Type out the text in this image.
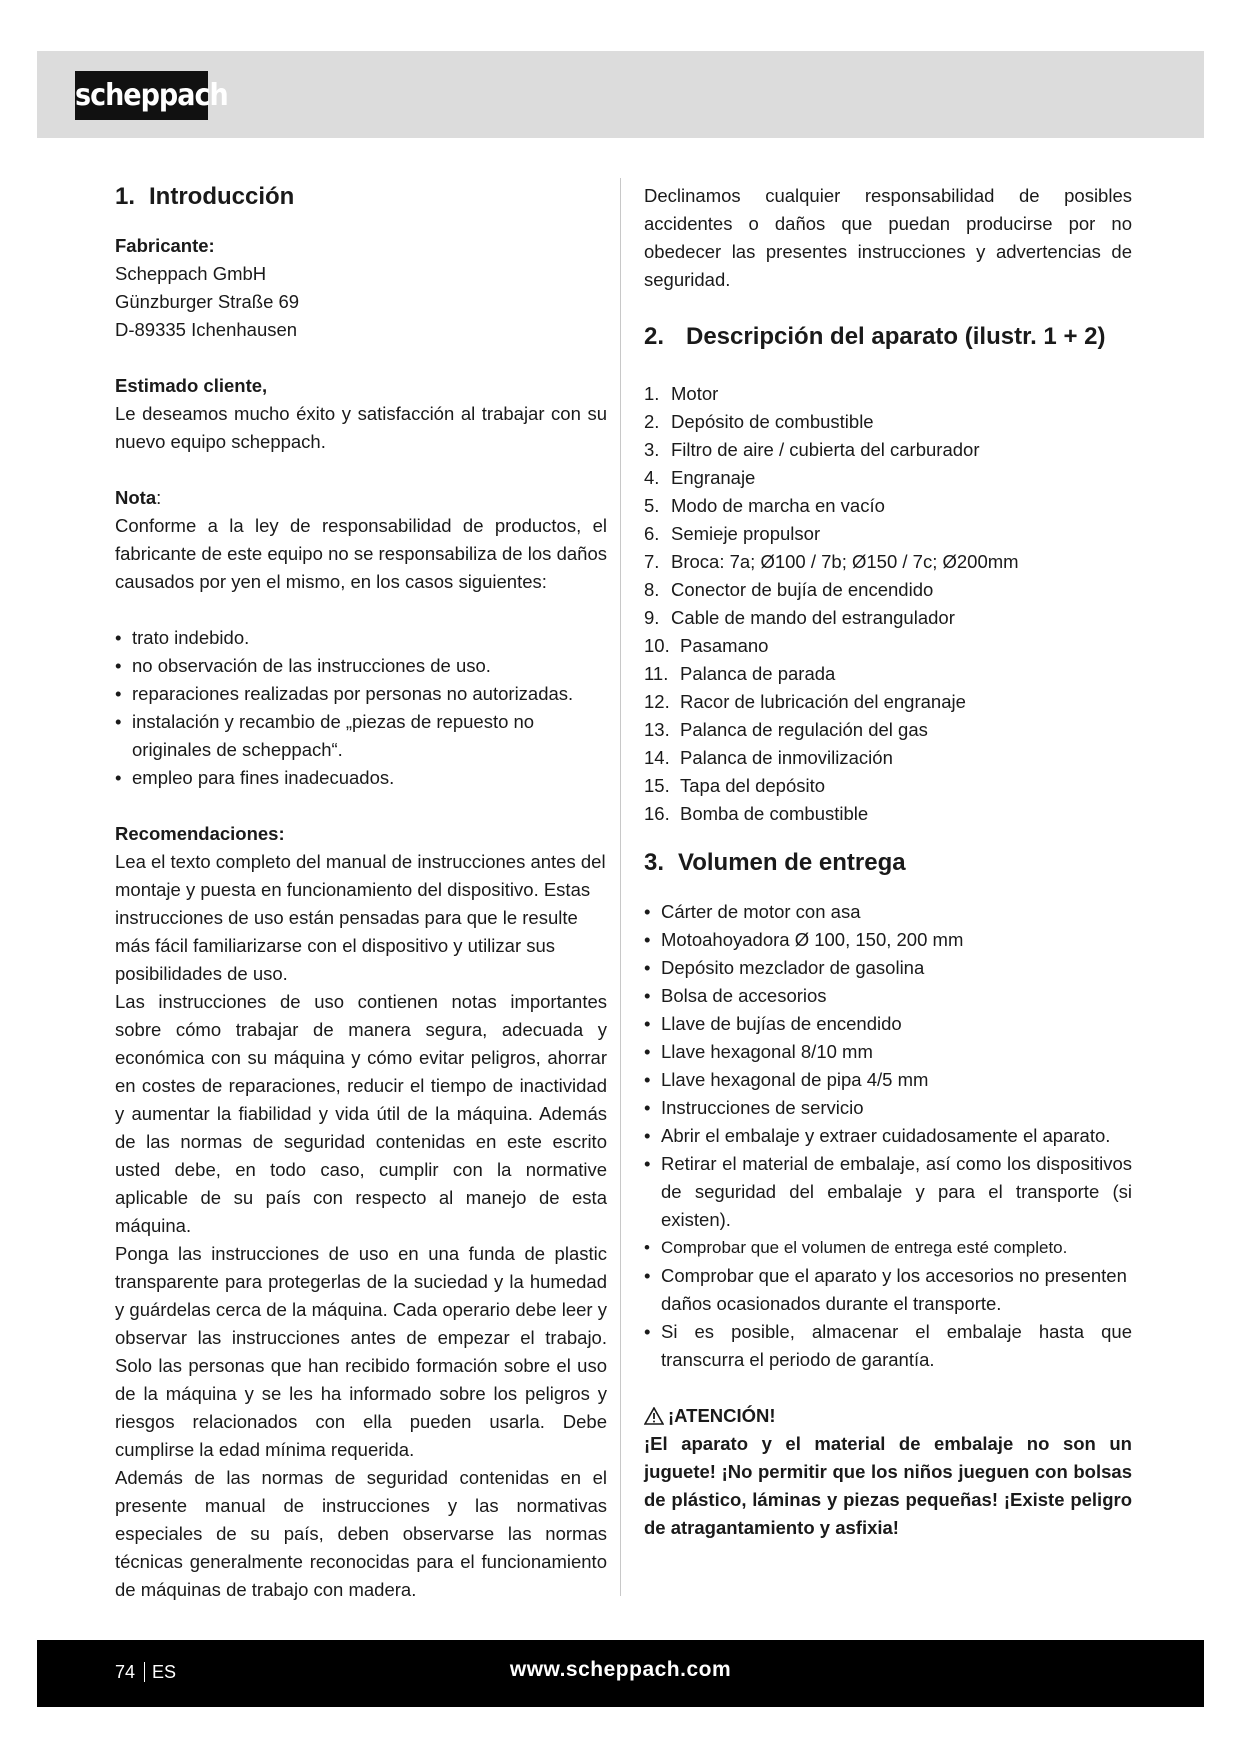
scheppach
1. Introducción

Fabricante:

Scheppach GmbH

Günzburger Straße 69

D-89335 Ichenhausen

Estimado cliente,

Le deseamos mucho éxito y satisfacción al trabajar con su nuevo equipo scheppach.

Nota:

Conforme a la ley de responsabilidad de productos, el fabricante de este equipo no se responsabiliza de los daños causados por yen el mismo, en los casos siguientes:

• trato indebido.
• no observación de las instrucciones de uso.
• reparaciones realizadas por personas no autorizadas.
• instalación y recambio de „piezas de repuesto no originales de scheppach“.
• empleo para fines inadecuados.

Recomendaciones:

Lea el texto completo del manual de instrucciones antes del montaje y puesta en funcionamiento del dispositivo. Estas instrucciones de uso están pensadas para que le resulte más fácil familiarizarse con el dispositivo y utilizar sus posibilidades de uso.

Las instrucciones de uso contienen notas importantes sobre cómo trabajar de manera segura, adecuada y económica con su máquina y cómo evitar peligros, ahorrar en costes de reparaciones, reducir el tiempo de inactividad y aumentar la fiabilidad y vida útil de la máquina. Además de las normas de seguridad contenidas en este escrito usted debe, en todo caso, cumplir con la normative aplicable de su país con respecto al manejo de esta máquina.

Ponga las instrucciones de uso en una funda de plastic transparente para protegerlas de la suciedad y la humedad y guárdelas cerca de la máquina. Cada operario debe leer y observar las instrucciones antes de empezar el trabajo. Solo las personas que han recibido formación sobre el uso de la máquina y se les ha informado sobre los peligros y riesgos relacionados con ella pueden usarla. Debe cumplirse la edad mínima requerida.

Además de las normas de seguridad contenidas en el presente manual de instrucciones y las normativas especiales de su país, deben observarse las normas técnicas generalmente reconocidas para el funcionamiento de máquinas de trabajo con madera.

Declinamos cualquier responsabilidad de posibles accidentes o daños que puedan producirse por no obedecer las presentes instrucciones y advertencias de seguridad.

2. Descripción del aparato (ilustr. 1 + 2)
1. Motor
2. Depósito de combustible
3. Filtro de aire / cubierta del carburador
4. Engranaje
5. Modo de marcha en vacío
6. Semieje propulsor
7. Broca: 7a; Ø100 / 7b; Ø150 / 7c; Ø200mm
8. Conector de bujía de encendido
9. Cable de mando del estrangulador
10. Pasamano
11. Palanca de parada
12. Racor de lubricación del engranaje
13. Palanca de regulación del gas
14. Palanca de inmovilización
15. Tapa del depósito
16. Bomba de combustible
3. Volumen de entrega
• Cárter de motor con asa
• Motoahoyadora Ø 100, 150, 200 mm
• Depósito mezclador de gasolina
• Bolsa de accesorios
• Llave de bujías de encendido
• Llave hexagonal 8/10 mm
• Llave hexagonal de pipa 4/5 mm
• Instrucciones de servicio
• Abrir el embalaje y extraer cuidadosamente el aparato.
• Retirar el material de embalaje, así como los dispositivos de seguridad del embalaje y para el transporte (si existen).
• Comprobar que el volumen de entrega esté completo.
• Comprobar que el aparato y los accesorios no presenten daños ocasionados durante el transporte.
• Si es posible, almacenar el embalaje hasta que transcurra el periodo de garantía.

¡ATENCIÓN!

¡El aparato y el material de embalaje no son un juguete! ¡No permitir que los niños jueguen con bolsas de plástico, láminas y piezas pequeñas! ¡Existe peligro de atragantamiento y asfixia!

74 ES	www.scheppach.com
